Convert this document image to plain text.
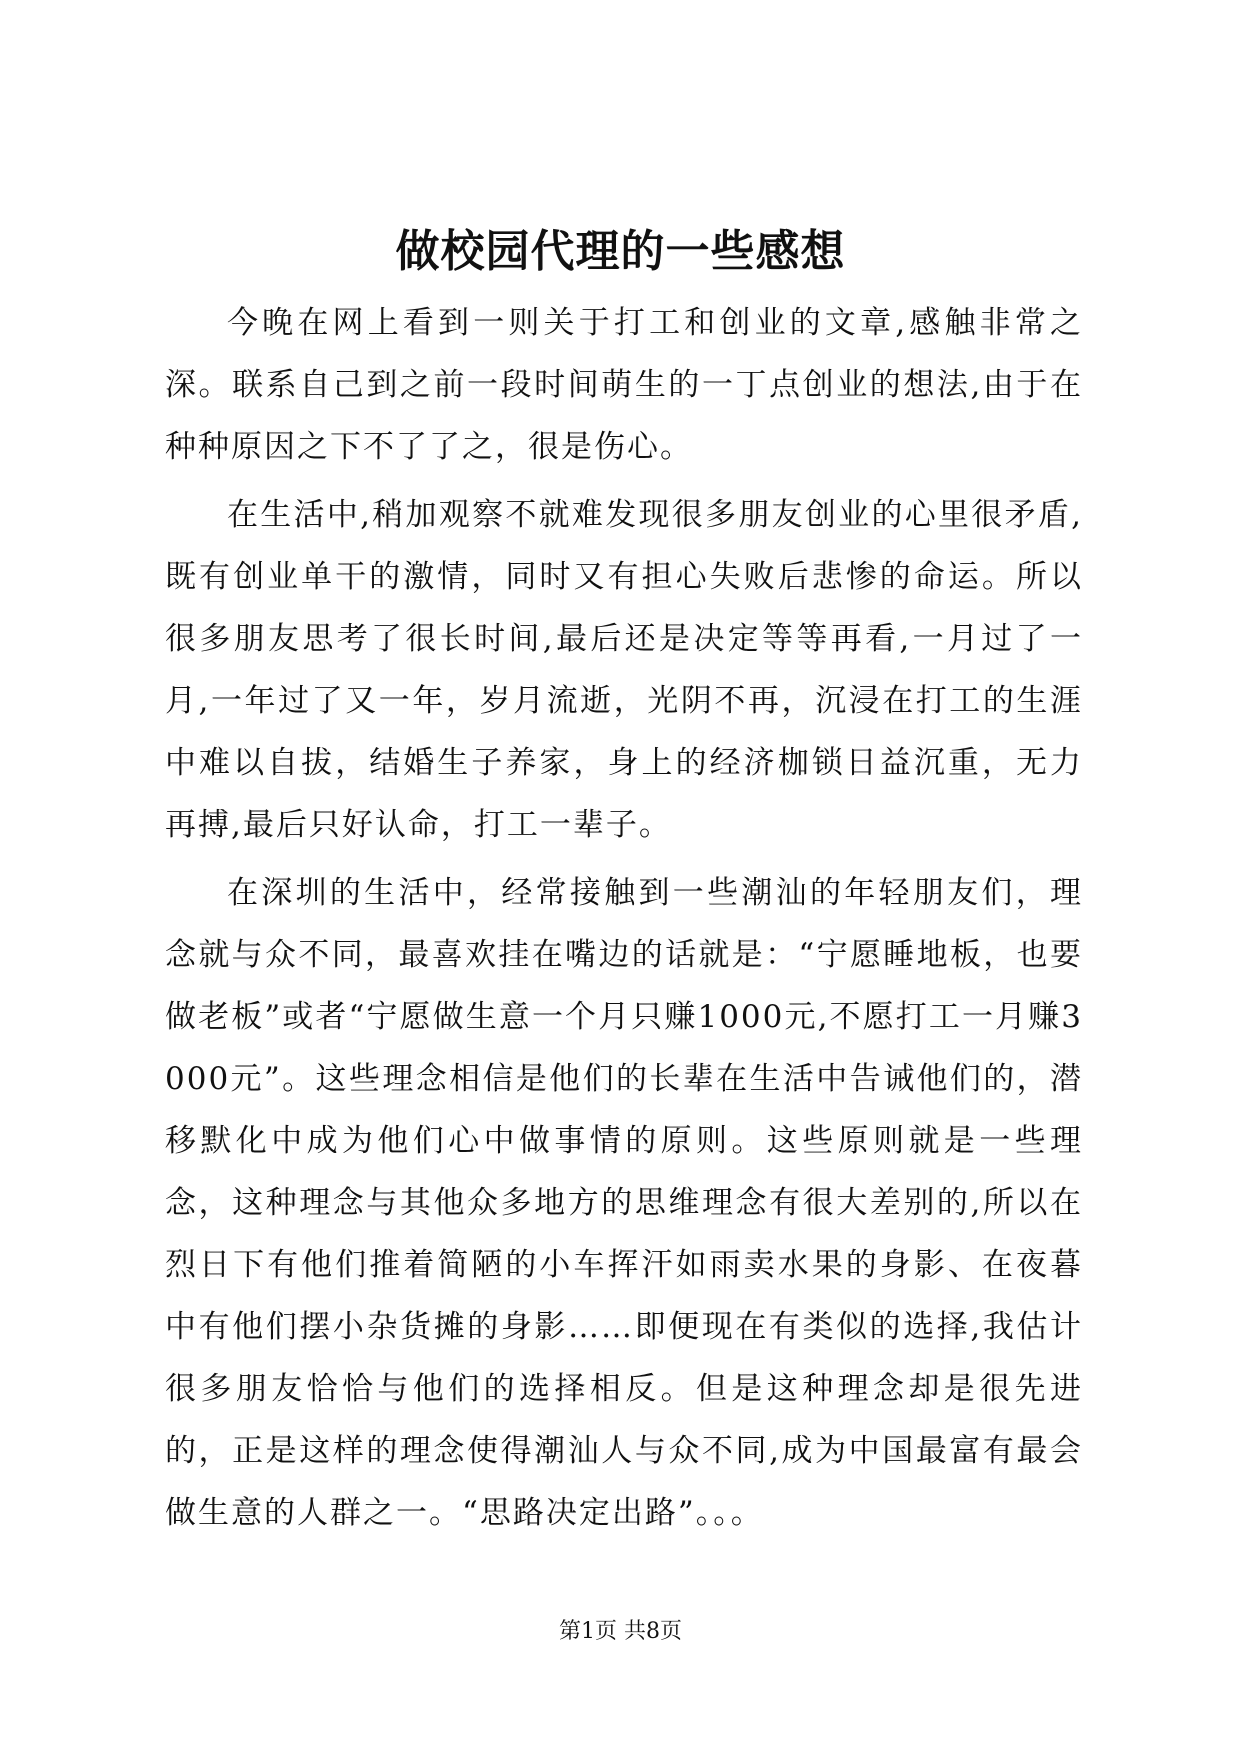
做校园代理的一些感想

今晚在网上看到一则关于打工和创业的文章,感触非常之深。联系自己到之前一段时间萌生的一丁点创业的想法,由于在种种原因之下不了了之，很是伤心。

在生活中,稍加观察不就难发现很多朋友创业的心里很矛盾,既有创业单干的激情，同时又有担心失败后悲惨的命运。所以很多朋友思考了很长时间,最后还是决定等等再看,一月过了一月,一年过了又一年，岁月流逝，光阴不再，沉浸在打工的生涯中难以自拔，结婚生子养家，身上的经济枷锁日益沉重，无力再搏,最后只好认命，打工一辈子。

在深圳的生活中，经常接触到一些潮汕的年轻朋友们，理念就与众不同，最喜欢挂在嘴边的话就是：“宁愿睡地板，也要做老板”或者“宁愿做生意一个月只赚1000元,不愿打工一月赚3000元”。这些理念相信是他们的长辈在生活中告诫他们的，潜移默化中成为他们心中做事情的原则。这些原则就是一些理念，这种理念与其他众多地方的思维理念有很大差别的,所以在烈日下有他们推着简陋的小车挥汗如雨卖水果的身影、在夜暮中有他们摆小杂货摊的身影……即便现在有类似的选择,我估计很多朋友恰恰与他们的选择相反。但是这种理念却是很先进的，正是这样的理念使得潮汕人与众不同,成为中国最富有最会做生意的人群之一。“思路决定出路”。。。

第1页 共8页
